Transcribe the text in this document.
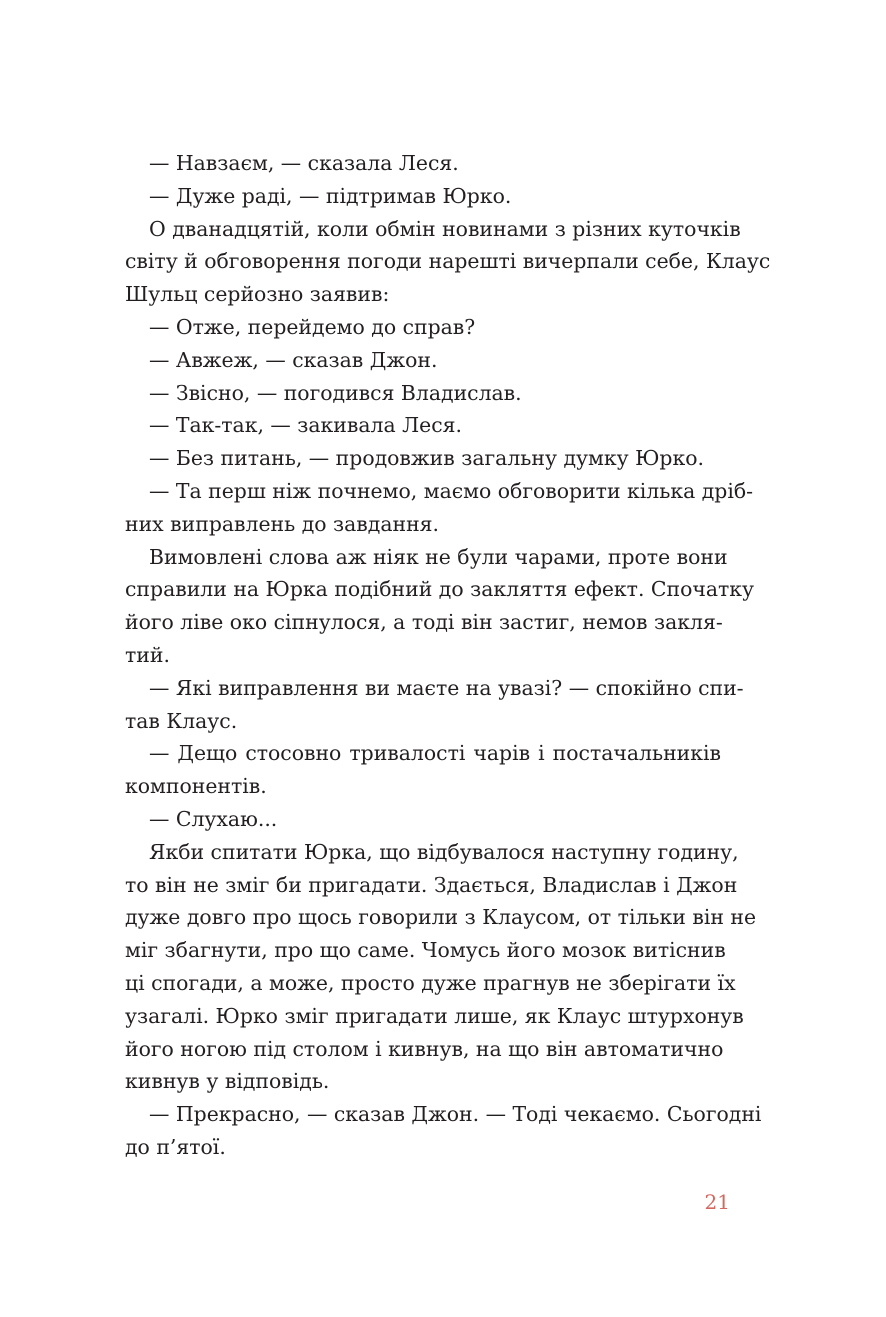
— Навзаєм, — сказала Леся.
— Дуже раді, — підтримав Юрко.
О дванадцятій, коли обмін новинами з різних куточків
світу й обговорення погоди нарешті вичерпали себе, Клаус
Шульц серйозно заявив:
— Отже, перейдемо до справ?
— Авжеж, — сказав Джон.
— Звісно, — погодився Владислав.
— Так-так, — закивала Леся.
— Без питань, — продовжив загальну думку Юрко.
— Та перш ніж почнемо, маємо обговорити кілька дріб-
них виправлень до завдання.
Вимовлені слова аж ніяк не були чарами, проте вони
справили на Юрка подібний до закляття ефект. Спочатку
його ліве око сіпнулося, а тоді він застиг, немов закля-
тий.
— Які виправлення ви маєте на увазі? — спокійно спи-
тав Клаус.
— Дещо стосовно тривалості чарів і постачальників
компонентів.
— Слухаю...
Якби спитати Юрка, що відбувалося наступну годину,
то він не зміг би пригадати. Здається, Владислав і Джон
дуже довго про щось говорили з Клаусом, от тільки він не
міг збагнути, про що саме. Чомусь його мозок витіснив
ці спогади, а може, просто дуже прагнув не зберігати їх
узагалі. Юрко зміг пригадати лише, як Клаус штурхонув
його ногою під столом і кивнув, на що він автоматично
кивнув у відповідь.
— Прекрасно, — сказав Джон. — Тоді чекаємо. Сьогодні
до п’ятої.
21
